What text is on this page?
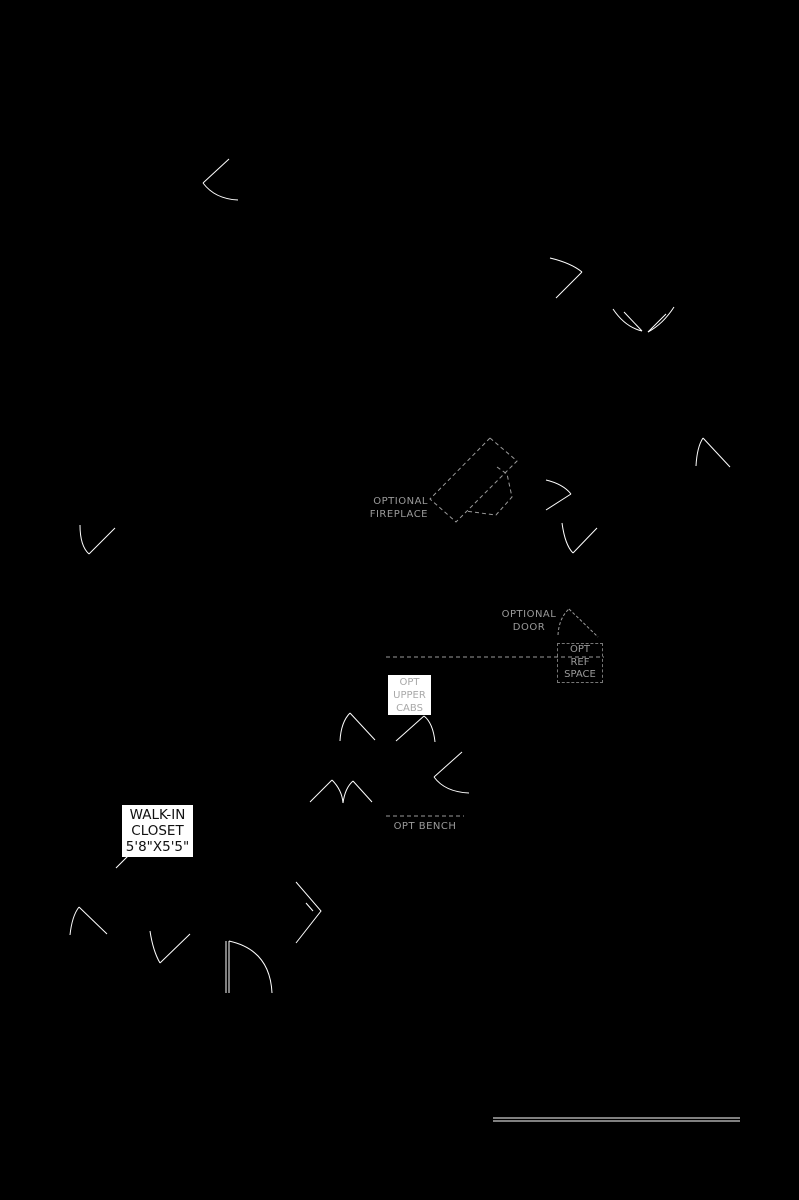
OPTIONAL
FIREPLACE
OPTIONAL
DOOR
OPT
REF
SPACE
OPT
UPPER
CABS
OPT BENCH
WALK-IN
CLOSET
5'8"X5'5"
